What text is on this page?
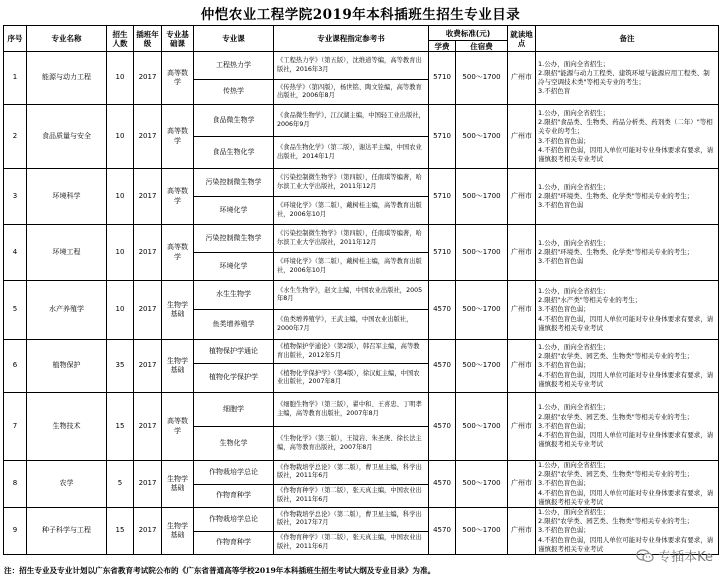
仲恺农业工程学院2019年本科插班生招生专业目录
序号	专业名称	招生人数	插班年级	专业基础课	专业课	专业课程指定参考书	收费标准(元)		就读地点	备注
							学费	住宿费		
1	能源与动力工程	10	2017	高等数学	工程热力学	《工程热力学》（第五版），沈维道等编，高等教育出版社，2016年3月	5710	500～1700	广州市	1.公办，面向全省招生；
2.限招"能源与动力工程类、建筑环境与能源应用工程类、制冷与空调技术类"等相关专业的考生；
3.不招色盲

					传热学	《传热学》（第四版），杨世铭、陶文铨编，高等教育出版社，2006年8月				
2	食品质量与安全	10	2017	高等数学	食品微生物学	《食品微生物学》，江汉湖主编，中国轻工业出版社，2006年9月	5710	500～1700	广州市	1.公办，面向全省招生；
2.限招"食品类、生物类、药品分析类、药剂类（二年）"等相关专业的考生；
3.不招色盲色弱；
4.不招色盲色弱，因用人单位可能对专业身体要求有要求，请谨慎报考相关专业考试

					食品生物化学	《食品生物化学》（第二版），谢达平主编，中国农业出版社，2014年1月				
3	环境科学	10	2017	高等数学	污染控制微生物学	《污染控制微生物学》（第四版），任南琪等编著，哈尔滨工业大学出版社，2011年12月	5710	500～1700	广州市	1.公办，面向全省招生；
2.限招"环境类、生物类、化学类"等相关专业的考生；
3.不招色盲色弱

					环境化学	《环境化学》（第二版），戴树桂主编，高等教育出版社，2006年10月				
4	环境工程	10	2017	高等数学	污染控制微生物学	《污染控制微生物学》（第四版），任南琪等编著，哈尔滨工业大学出版社，2011年12月	5710	500～1700	广州市	1.公办，面向全省招生；
2.限招"环境类、生物类、化学类"等相关专业的考生；
3.不招色盲色弱

					环境化学	《环境化学》（第二版），戴树桂主编，高等教育出版社，2006年10月				
5	水产养殖学	10	2017	生物学基础	水生生物学	《水生生物学》，赵文主编，中国农业出版社，2005年8月	4570	500～1700	广州市	1.公办，面向全省招生；
2.限招"水产类"等相关专业的考生；
3.不招色盲色弱；
4.不招色盲色弱，因用人单位可能对专业身体要求有要求，请谨慎报考相关专业考试

					鱼类增养殖学	《鱼类增养殖学》，王武主编，中国农业出版社，2000年7月				
6	植物保护	35	2017	生物学基础	植物保护学通论	《植物保护学通论》（第2版），韩召军主编，高等教育出版社，2012年5月	4570	500～1700	广州市	1.公办，面向全省招生；
2.限招"农学类、园艺类、生物类"等相关专业的考生；
3.不招色盲色弱；
4.不招色盲色弱，因用人单位可能对专业身体要求有要求，请谨慎报考相关专业考试

					植物化学保护学	《植物化学保护学》（第4版），徐汉虹主编，中国农业出版社，2007年8月				
7	生物技术	15	2017	高等数学	细胞学	《细胞生物学》（第三版），翟中和、王喜忠、丁明孝主编，高等教育出版社，2007年8月	4570	500～1700	广州市	1.公办，面向全省招生；
2.限招"农学类、园艺类、生物类"等相关专业的考生；
3.不招色盲色弱；
4.不招色盲色弱，因用人单位可能对专业身体要求有要求，请谨慎报考相关专业考试

					生物化学	《生物化学》（第三版），王镜岩、朱圣庚、徐长法主编，高等教育出版社，2007年8月				
8	农学	5	2017	生物学基础	作物栽培学总论	《作物栽培学总论》（第二版），曹卫星主编，科学出版社，2011年6月	4570	500～1700	广州市	1.公办，面向全省招生；
2.限招"农学类、园艺类、生物类"等相关专业的考生；
3.不招色盲色弱；
4.不招色盲色弱，因用人单位可能对专业身体要求有要求，请谨慎报考相关专业考试

					作物育种学	《作物育种学》（第二版），张天真主编，中国农业出版社，2011年6月				
9	种子科学与工程	15	2017	生物学基础	作物栽培学总论	《作物栽培学总论》（第二版），曹卫星主编，科学出版社，2017年7月	4570	500～1700	广州市	1.公办，面向全省招生；
2.限招"农学类、园艺类、生物类"等相关专业的考生；
3.不招色盲色弱；
4.不招色盲色弱，因用人单位可能对专业身体要求有要求，请谨慎报考相关专业考试

					作物育种学	《作物育种学》（第二版），张天真主编，中国农业出版社，2011年6月				
注：招生专业及专业计划以广东省教育考试院公布的《广东省普通高等学校2019年本科插班生招生考试大纲及专业目录》为准。
专插本Ke
